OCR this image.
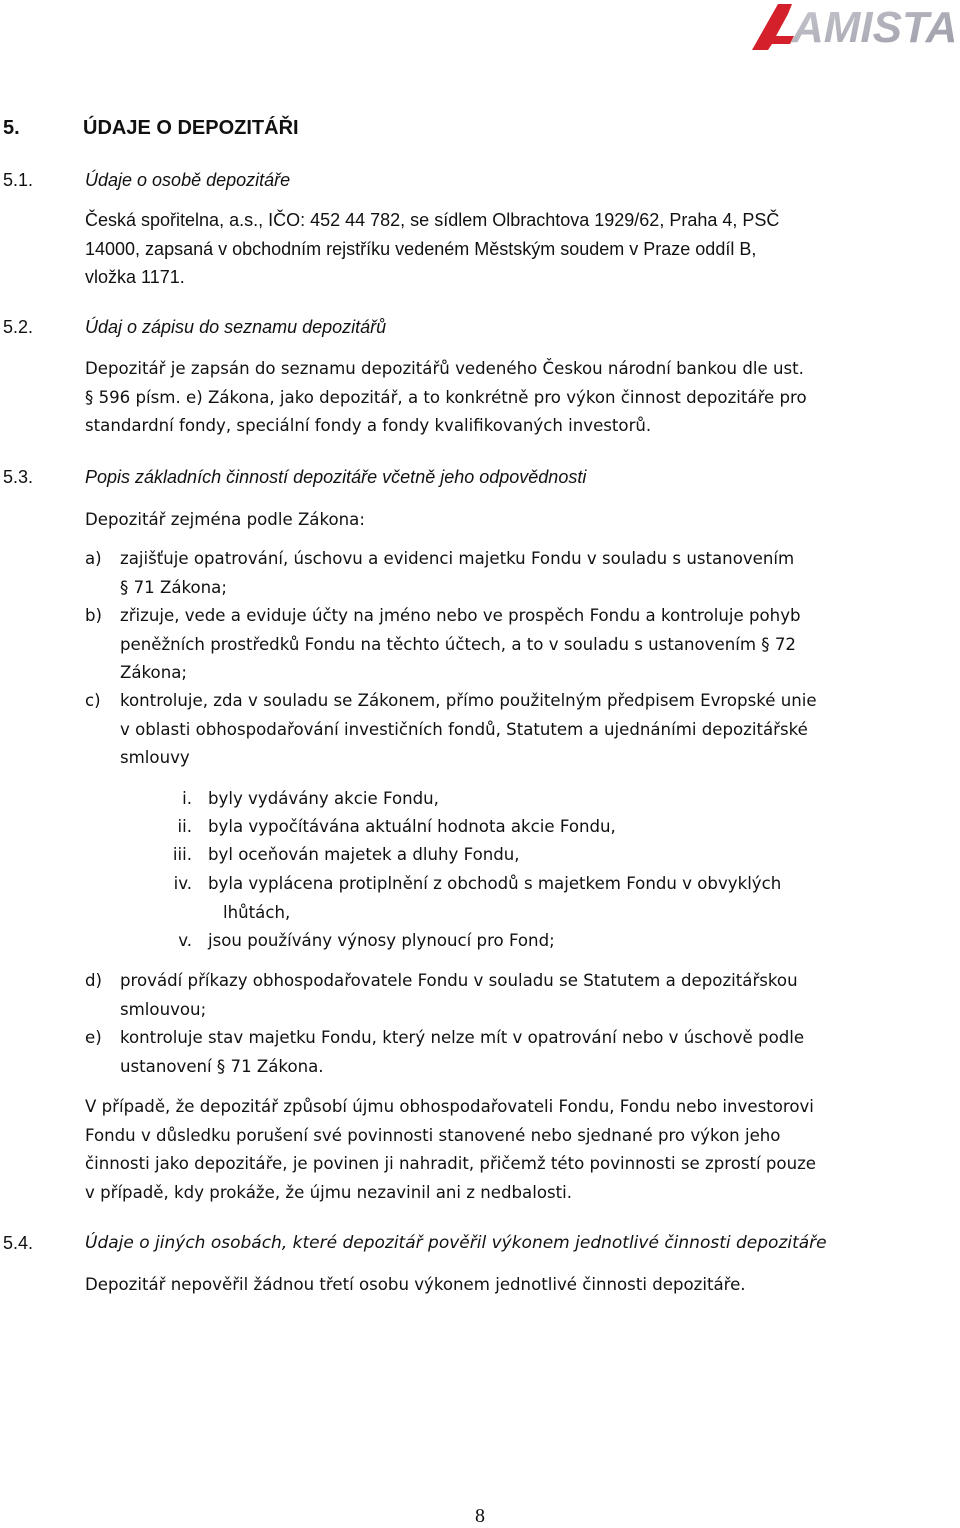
AMISTA
5.	ÚDAJE O DEPOZITÁŘI
5.1.	Údaje o osobě depozitáře
Česká spořitelna, a.s., IČO: 452 44 782, se sídlem Olbrachtova 1929/62, Praha 4, PSČ
14000, zapsaná v obchodním rejstříku vedeném Městským soudem v Praze oddíl B,
vložka 1171.
5.2.	Údaj o zápisu do seznamu depozitářů
Depozitář je zapsán do seznamu depozitářů vedeného Českou národní bankou dle ust.
§ 596 písm. e) Zákona, jako depozitář, a to konkrétně pro výkon činnost depozitáře pro
standardní fondy, speciální fondy a fondy kvalifikovaných investorů.
5.3.	Popis základních činností depozitáře včetně jeho odpovědnosti
Depozitář zejména podle Zákona:
a) zajišťuje opatrování, úschovu a evidenci majetku Fondu v souladu s ustanovením
§ 71 Zákona;
b) zřizuje, vede a eviduje účty na jméno nebo ve prospěch Fondu a kontroluje pohyb
peněžních prostředků Fondu na těchto účtech, a to v souladu s ustanovením § 72
Zákona;
c) kontroluje, zda v souladu se Zákonem, přímo použitelným předpisem Evropské unie
v oblasti obhospodařování investičních fondů, Statutem a ujednáními depozitářské
smlouvy
i. byly vydávány akcie Fondu,
ii. byla vypočítávána aktuální hodnota akcie Fondu,
iii. byl oceňován majetek a dluhy Fondu,
iv. byla vyplácena protiplnění z obchodů s majetkem Fondu v obvyklých
lhůtách,
v. jsou používány výnosy plynoucí pro Fond;
d) provádí příkazy obhospodařovatele Fondu v souladu se Statutem a depozitářskou
smlouvou;
e) kontroluje stav majetku Fondu, který nelze mít v opatrování nebo v úschově podle
ustanovení § 71 Zákona.
V případě, že depozitář způsobí újmu obhospodařovateli Fondu, Fondu nebo investorovi
Fondu v důsledku porušení své povinnosti stanovené nebo sjednané pro výkon jeho
činnosti jako depozitáře, je povinen ji nahradit, přičemž této povinnosti se zprostí pouze
v případě, kdy prokáže, že újmu nezavinil ani z nedbalosti.
5.4.	Údaje o jiných osobách, které depozitář pověřil výkonem jednotlivé činnosti depozitáře
Depozitář nepověřil žádnou třetí osobu výkonem jednotlivé činnosti depozitáře.
8
